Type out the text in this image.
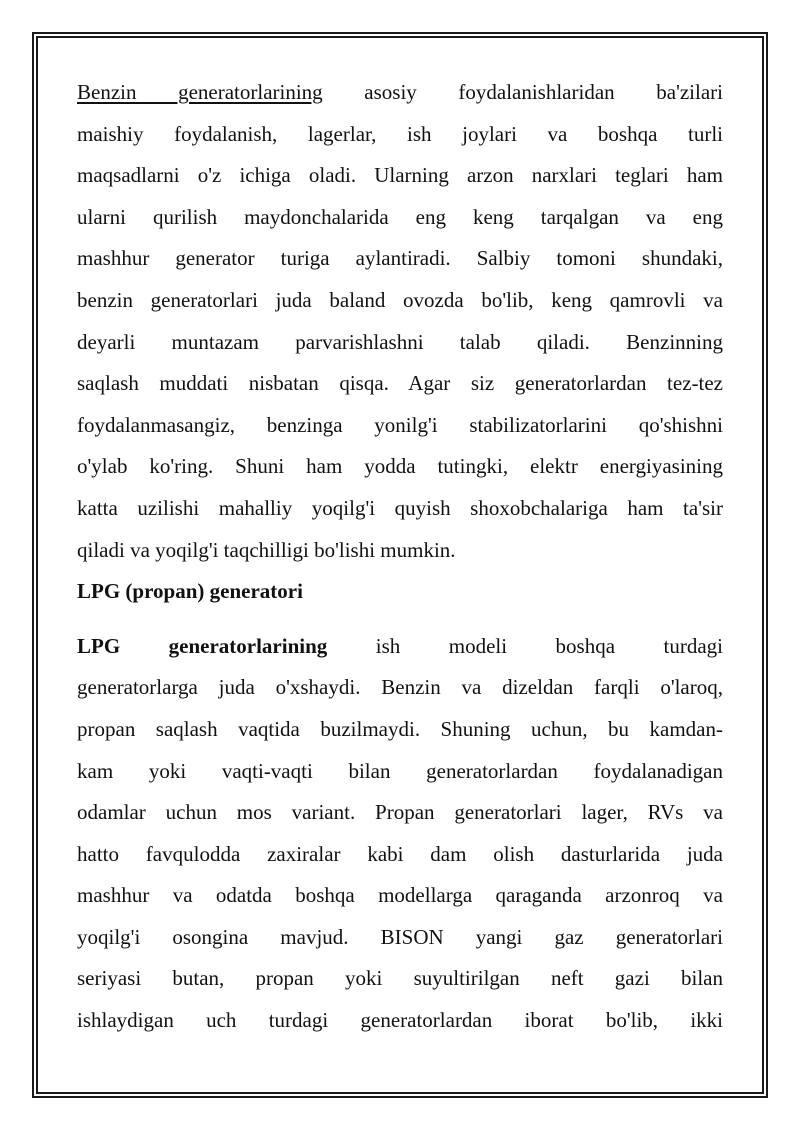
Benzin generatorlarining asosiy foydalanishlaridan ba'zilari
maishiy foydalanish, lagerlar, ish joylari va boshqa turli
maqsadlarni o'z ichiga oladi. Ularning arzon narxlari teglari ham
ularni qurilish maydonchalarida eng keng tarqalgan va eng
mashhur generator turiga aylantiradi. Salbiy tomoni shundaki,
benzin generatorlari juda baland ovozda bo'lib, keng qamrovli va
deyarli muntazam parvarishlashni talab qiladi. Benzinning
saqlash muddati nisbatan qisqa. Agar siz generatorlardan tez-tez
foydalanmasangiz, benzinga yonilg'i stabilizatorlarini qo'shishni
o'ylab ko'ring. Shuni ham yodda tutingki, elektr energiyasining
katta uzilishi mahalliy yoqilg'i quyish shoxobchalariga ham ta'sir
qiladi va yoqilg'i taqchilligi bo'lishi mumkin.
LPG (propan) generatori
LPG generatorlarining ish modeli boshqa turdagi
generatorlarga juda o'xshaydi. Benzin va dizeldan farqli o'laroq,
propan saqlash vaqtida buzilmaydi. Shuning uchun, bu kamdan-
kam yoki vaqti-vaqti bilan generatorlardan foydalanadigan
odamlar uchun mos variant. Propan generatorlari lager, RVs va
hatto favqulodda zaxiralar kabi dam olish dasturlarida juda
mashhur va odatda boshqa modellarga qaraganda arzonroq va
yoqilg'i osongina mavjud. BISON yangi gaz generatorlari
seriyasi butan, propan yoki suyultirilgan neft gazi bilan
ishlaydigan uch turdagi generatorlardan iborat bo'lib, ikki
